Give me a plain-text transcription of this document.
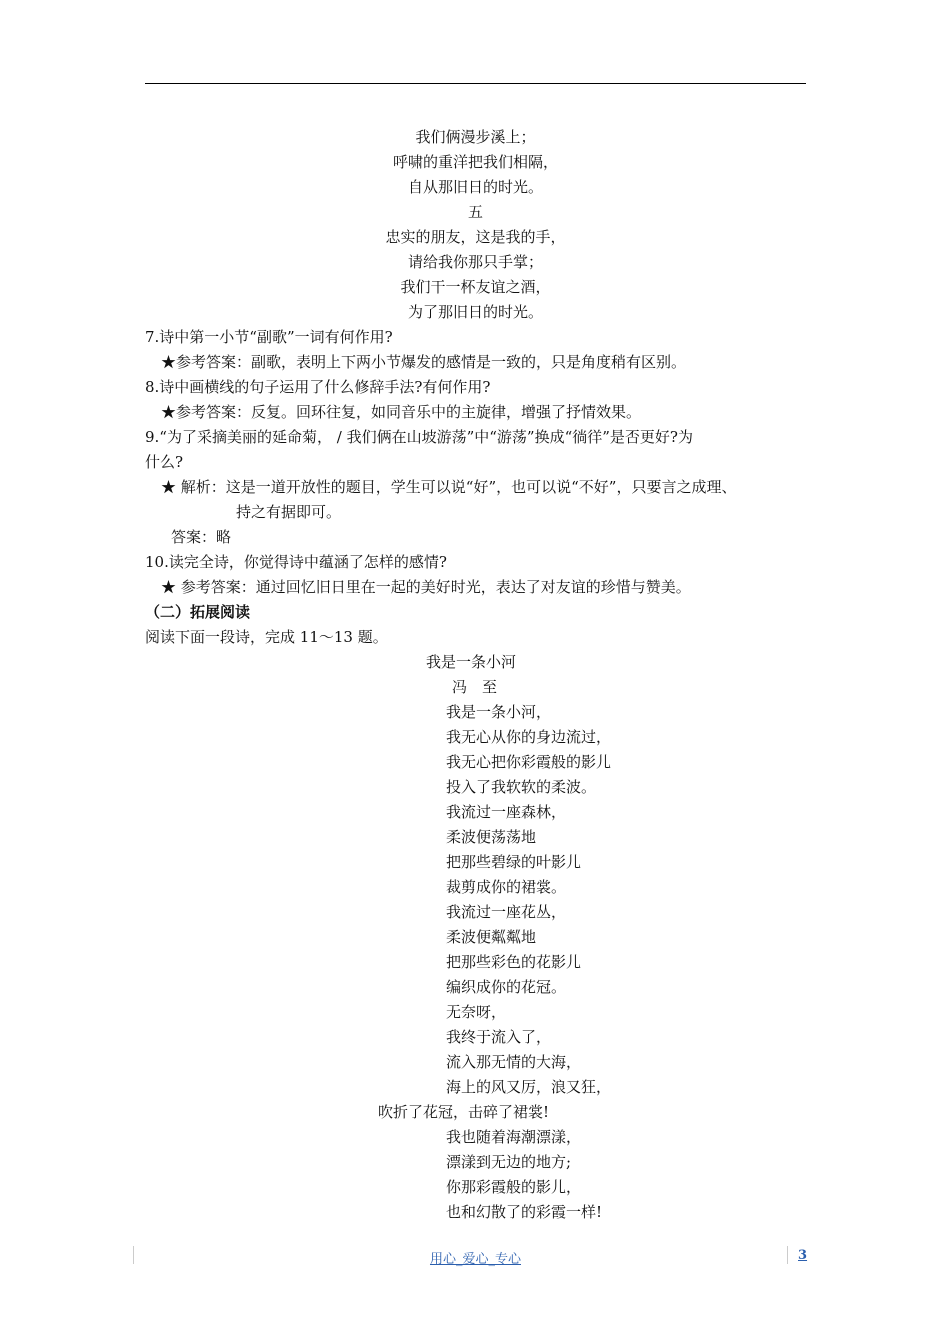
我们俩漫步溪上；
呼啸的重洋把我们相隔，
自从那旧日的时光。
五
忠实的朋友，这是我的手，
请给我你那只手掌；
我们干一杯友谊之酒，
为了那旧日的时光。
7.诗中第一小节“副歌”一词有何作用?
★参考答案：副歌，表明上下两小节爆发的感情是一致的，只是角度稍有区别。
8.诗中画横线的句子运用了什么修辞手法?有何作用?
★参考答案：反复。回环往复，如同音乐中的主旋律，增强了抒情效果。
9.“为了采摘美丽的延命菊， / 我们俩在山坡游荡”中“游荡”换成“徜徉”是否更好?为
什么?
★ 解析：这是一道开放性的题目，学生可以说“好”，也可以说“不好”，只要言之成理、
持之有据即可。
答案：略
10.读完全诗，你觉得诗中蕴涵了怎样的感情?
★ 参考答案：通过回忆旧日里在一起的美好时光，表达了对友谊的珍惜与赞美。
（二）拓展阅读
阅读下面一段诗，完成 11～13 题。
我是一条小河
冯　至
我是一条小河，
我无心从你的身边流过，
我无心把你彩霞般的影儿
投入了我软软的柔波。
我流过一座森林，
柔波便荡荡地
把那些碧绿的叶影儿
裁剪成你的裙裳。
我流过一座花丛，
柔波便粼粼地
把那些彩色的花影儿
编织成你的花冠。
无奈呀，
我终于流入了，
流入那无情的大海，
海上的风又厉，浪又狂，
吹折了花冠，击碎了裙裳!
我也随着海潮漂漾，
漂漾到无边的地方;
你那彩霞般的影儿，
也和幻散了的彩霞一样!
用心_爱心_专心	3
